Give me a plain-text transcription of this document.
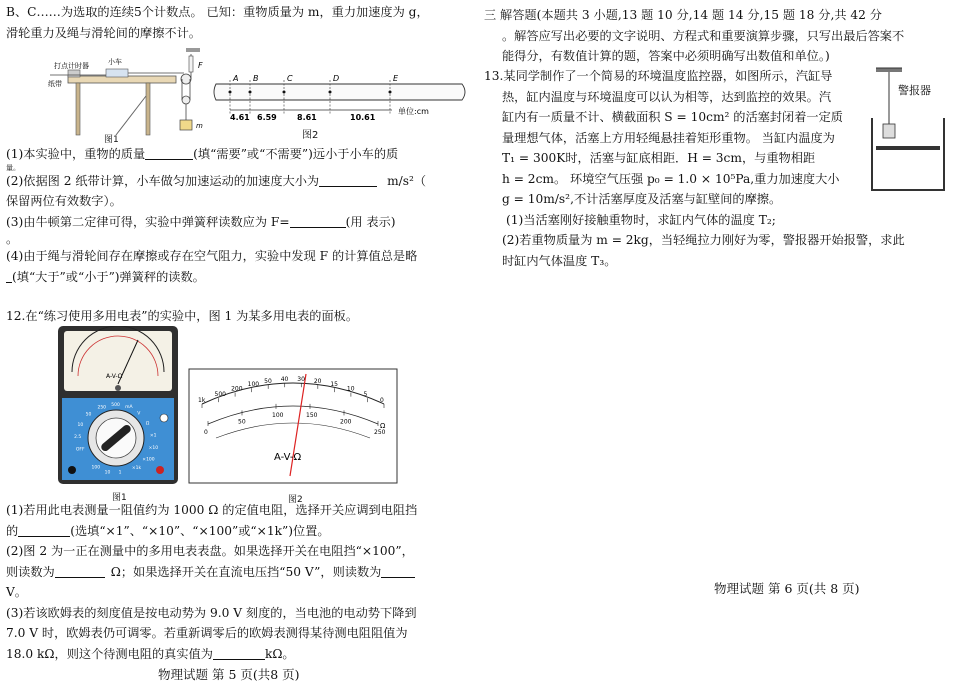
B、C……为选取的连续5个计数点。 已知：重物质量为 m，重力加速度为 g，

滑轮重力及绳与滑轮间的摩擦不计。

打点计时器	小车
纸带
m
F
图1
A B	C	D	E
4.61 6.59	8.61	10.61
单位:cm
图2

(1)本实验中，重物的质量	(填“需要”或“不需要”)远小于小车的质

量。

(2)依据图 2 纸带计算，小车做匀加速运动的加速度大小为	m/s²（

保留两位有效数字）。

(3)由牛顿第二定律可得，实验中弹簧秤读数应为 F=	(用 表示)

。

(4)由于绳与滑轮间存在摩擦或存在空气阻力，实验中发现 F 的计算值总是略

(填“大于”或“小于”)弹簧秤的读数。

12.在“练习使用多用电表”的实验中，图 1 为某多用电表的面板。

A-V-Ω
OFF
2.5
10
50
250
500 mA
V
Ω
×1
×10
×100
×1k
1
10
100
图1
1k
500
200
100 50 40 30 20 15
10
5
0
0
50
100	150
200
250
A-V-Ω
Ω
图2

(1)若用此电表测量一阻值约为 1000 Ω 的定值电阻，选择开关应调到电阻挡

的	(选填“×1”、“×10”、“×100”或“×1k”)位置。

(2)图 2 为一正在测量中的多用电表表盘。如果选择开关在电阻挡“×100”，

则读数为	Ω；如果选择开关在直流电压挡“50 V”，则读数为

V。

(3)若该欧姆表的刻度值是按电动势为 9.0 V 刻度的，当电池的电动势下降到

7.0 V 时，欧姆表仍可调零。若重新调零后的欧姆表测得某待测电阻阻值为

18.0 kΩ，则这个待测电阻的真实值为	kΩ。

物理试题 第 5 页(共8 页)

三 解答题(本题共 3 小题,13 题 10 分,14 题 14 分,15 题 18 分,共 42 分

。解答应写出必要的文字说明、方程式和重要演算步骤，只写出最后答案不

能得分，有数值计算的题，答案中必须明确写出数值和单位。)

13.某同学制作了一个简易的环境温度监控器，如图所示，汽缸导

热，缸内温度与环境温度可以认为相等，达到监控的效果。汽

缸内有一质量不计、横截面积 S = 10cm² 的活塞封闭着一定质

量理想气体，活塞上方用轻绳悬挂着矩形重物。 当缸内温度为

T₁ = 300K时，活塞与缸底相距．H = 3cm，与重物相距

h = 2cm。 环境空气压强 p₀ = 1.0 × 10⁵Pa,重力加速度大小

g = 10m/s²,不计活塞厚度及活塞与缸壁间的摩擦。

(1)当活塞刚好接触重物时，求缸内气体的温度 T₂;

(2)若重物质量为 m = 2kg，当轻绳拉力刚好为零，警报器开始报警，求此

时缸内气体温度 T₃。

警报器
物理试题 第 6 页(共 8 页)
